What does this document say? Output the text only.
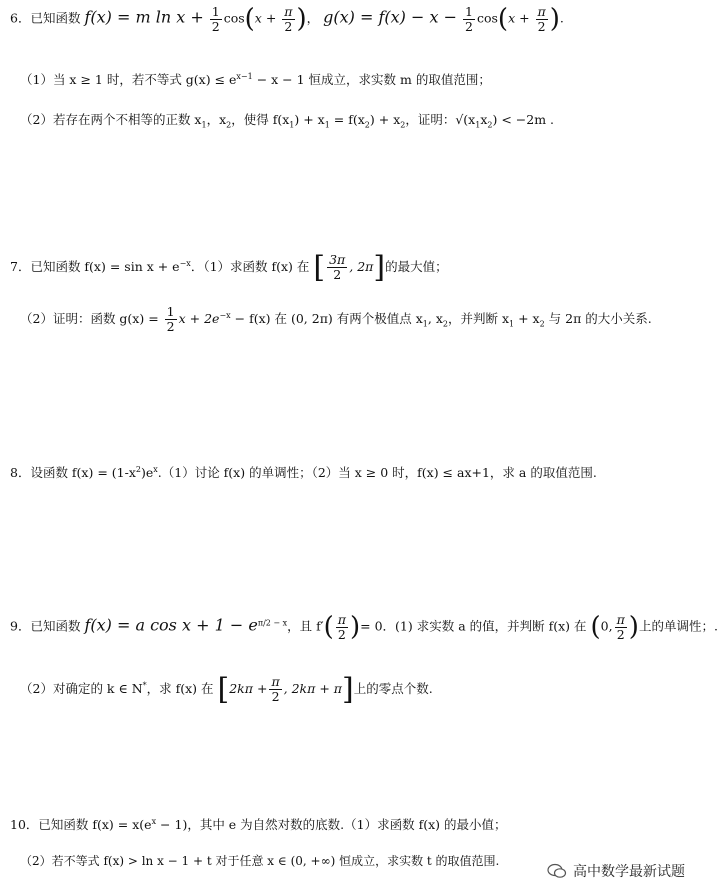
6．已知函数 f(x) = m $\ln x + \frac{1}{2} \cos(x + \frac{\pi}{2}$ )， $g(x) = f(x) - x - \frac{1}{2} \cos(x + \frac{\pi}{2}$ ).
（1）当 x ≥ 1 时，若不等式 $g(x) \le e^{x-1} - x - 1$ 恒成立，求实数 m 的取值范围；
（2）若存在两个不相等的正数 $x_1$，$x_2$，使得 $f(x_1) + x_1 = f(x_2) + x_2$，证明：$√(x_1x_2) < -2m$ .
7．已知函数 $f(x) = \sin x + e^{-x}$．（1）求函数 f(x) 在 [ $\frac{3\pi}{2}$ , 2π]的最大值；
（2）证明：函数 $g(x) = \frac{1}{2}$ $x + 2e^{-x} - f(x)$ 在 (0, 2π) 有两个极值点 $x_1$, $x_2$，并判断 $x_1 + x_2$ 与 2π 的大小关系.
8．设函数 $f(x) = (1-x^2)e^x.(1)$讨论 f(x) 的单调性；（2）当 x ≥ 0 时，f(x) ≤ ax+1，求 a 的取值范围.
9．已知函数 f(x) = a $\cos x + 1 - e^{\pi/2 - x}$，且 $f'( \frac{\pi}{2}$ )= 0．(1) 求实数 a 的值，并判断 f(x) 在 (0, $\frac{\pi}{2}$ )上的单调性；.
（2）对确定的 k ∈ N*，求 f(x) 在 [$2k\pi + \frac{\pi}{2}$ , 2kπ + π]上的零点个数.
10．已知函数 $f(x) = x(e^x - 1)$，其中 e 为自然对数的底数.（1）求函数 f(x) 的最小值；
（2）若不等式 f(x) > ln x − 1 + t 对于任意 x ∈ (0, +∞) 恒成立，求实数 t 的取值范围.
高中数学最新试题
